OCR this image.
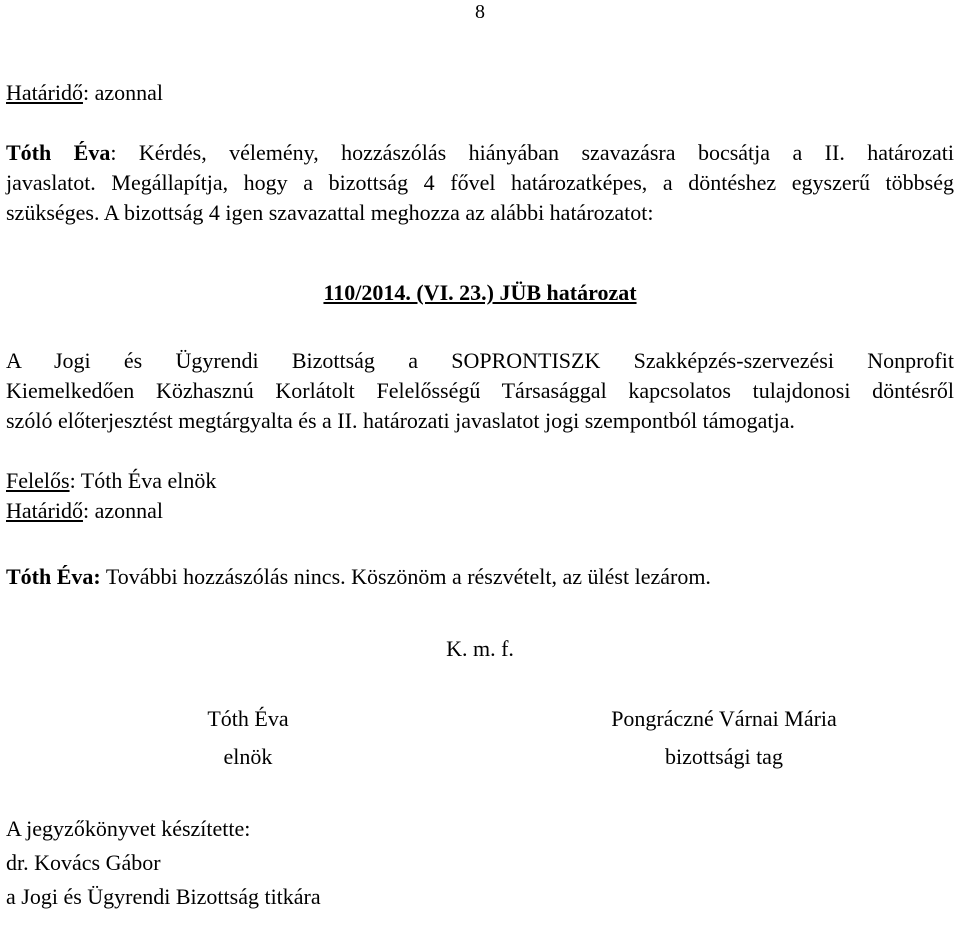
8

Határidő: azonnal

Tóth Éva: Kérdés, vélemény, hozzászólás hiányában szavazásra bocsátja a II. határozati
javaslatot. Megállapítja, hogy a bizottság 4 fővel határozatképes, a döntéshez egyszerű többség
szükséges. A bizottság 4 igen szavazattal meghozza az alábbi határozatot:

110/2014. (VI. 23.) JÜB határozat

A Jogi és Ügyrendi Bizottság a SOPRONTISZK Szakképzés-szervezési Nonprofit
Kiemelkedően Közhasznú Korlátolt Felelősségű Társasággal kapcsolatos tulajdonosi döntésről
szóló előterjesztést megtárgyalta és a II. határozati javaslatot jogi szempontból támogatja.
Felelős: Tóth Éva elnök
Határidő: azonnal

Tóth Éva: További hozzászólás nincs. Köszönöm a részvételt, az ülést lezárom.

K. m. f.

Tóth Éva
elnök
Pongráczné Várnai Mária
bizottsági tag
A jegyzőkönyvet készítette:
dr. Kovács Gábor
a Jogi és Ügyrendi Bizottság titkára
